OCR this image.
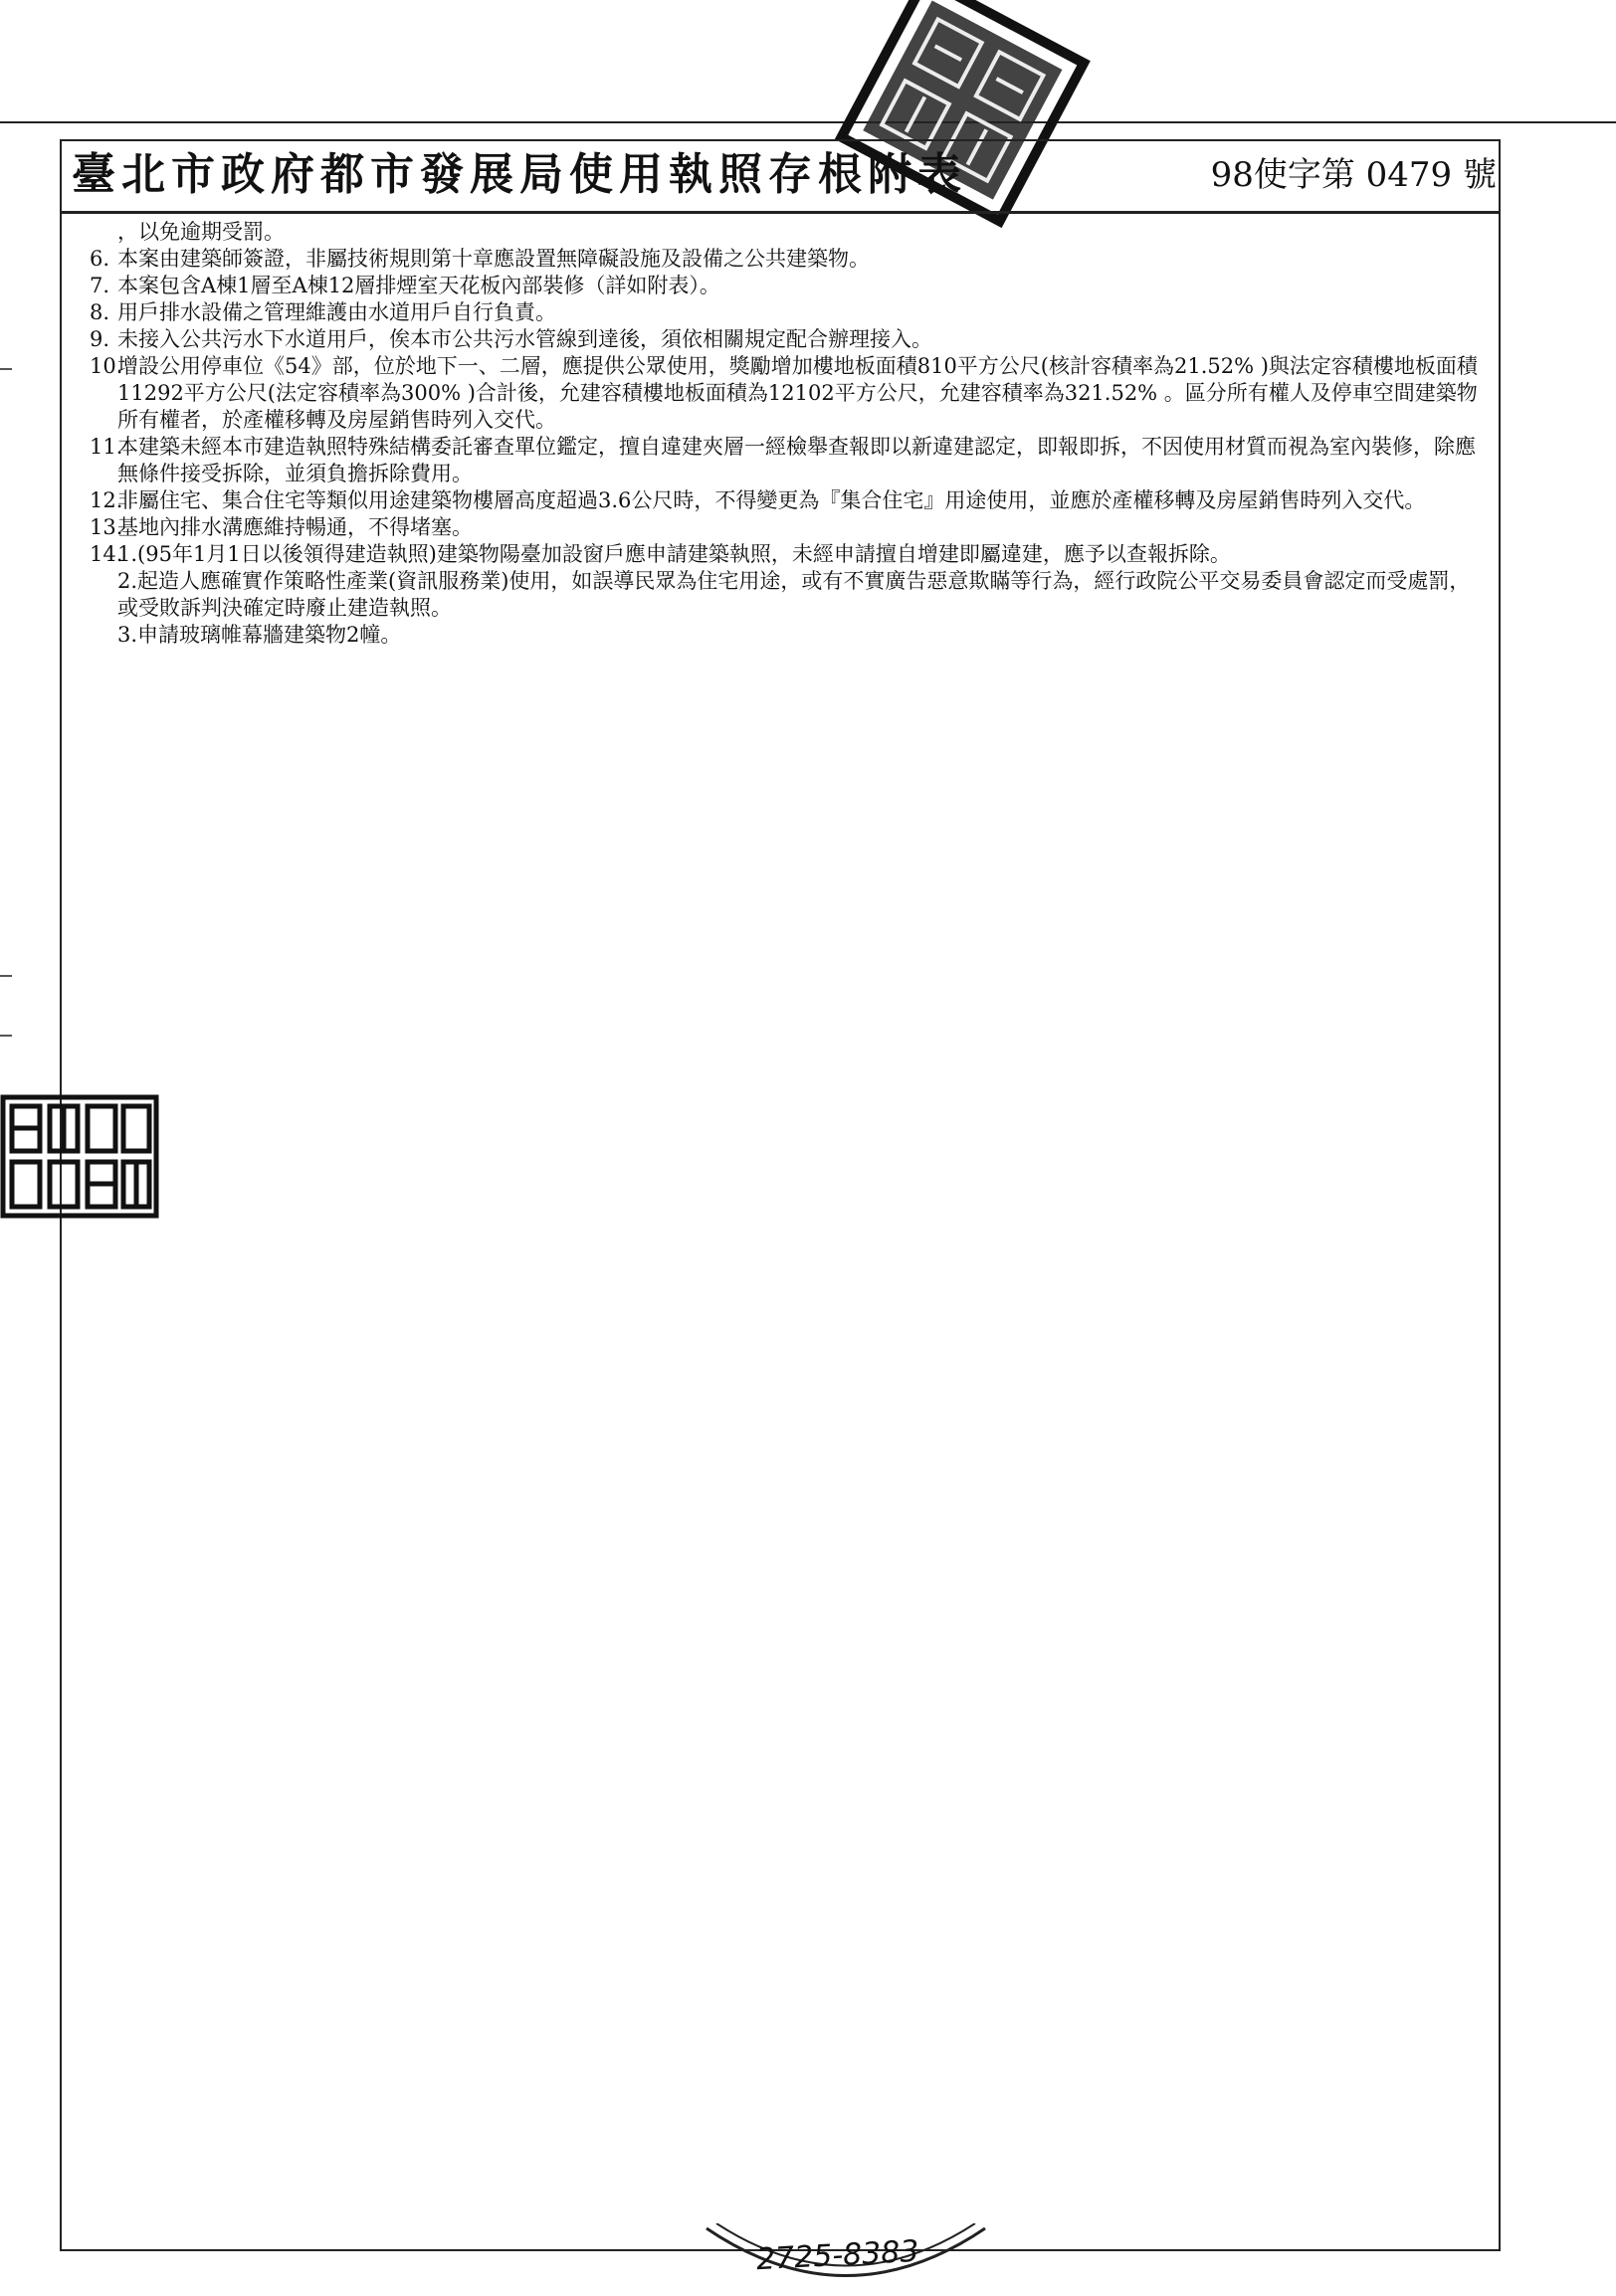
臺北市政府都市發展局使用執照存根附表	98使字第 0479 號
，以免逾期受罰。
6. 本案由建築師簽證，非屬技術規則第十章應設置無障礙設施及設備之公共建築物。
7. 本案包含A棟1層至A棟12層排煙室天花板內部裝修（詳如附表）。
8. 用戶排水設備之管理維護由水道用戶自行負責。
9. 未接入公共污水下水道用戶，俟本市公共污水管線到達後，須依相關規定配合辦理接入。
10.
增設公用停車位《54》部，位於地下一、二層，應提供公眾使用，獎勵增加樓地板面積810平方公尺(核計容積率為21.52% )與法定容積樓地板面積11292平方公尺(法定容積率為300% )合計後，允建容積樓地板面積為12102平方公尺，允建容積率為321.52% 。區分所有權人及停車空間建築物所有權者，於產權移轉及房屋銷售時列入交代。
11.
本建築未經本市建造執照特殊結構委託審查單位鑑定，擅自違建夾層一經檢舉查報即以新違建認定，即報即拆，不因使用材質而視為室內裝修，除應無條件接受拆除，並須負擔拆除費用。
12.
非屬住宅、集合住宅等類似用途建築物樓層高度超過3.6公尺時，不得變更為『集合住宅』用途使用，並應於產權移轉及房屋銷售時列入交代。
13.
基地內排水溝應維持暢通，不得堵塞。
14.
1.(95年1月1日以後領得建造執照)建築物陽臺加設窗戶應申請建築執照，未經申請擅自增建即屬違建，應予以查報拆除。
2.起造人應確實作策略性產業(資訊服務業)使用，如誤導民眾為住宅用途，或有不實廣告惡意欺瞞等行為，經行政院公平交易委員會認定而受處罰，或受敗訴判決確定時廢止建造執照。
3.申請玻璃帷幕牆建築物2幢。
2725-8383
